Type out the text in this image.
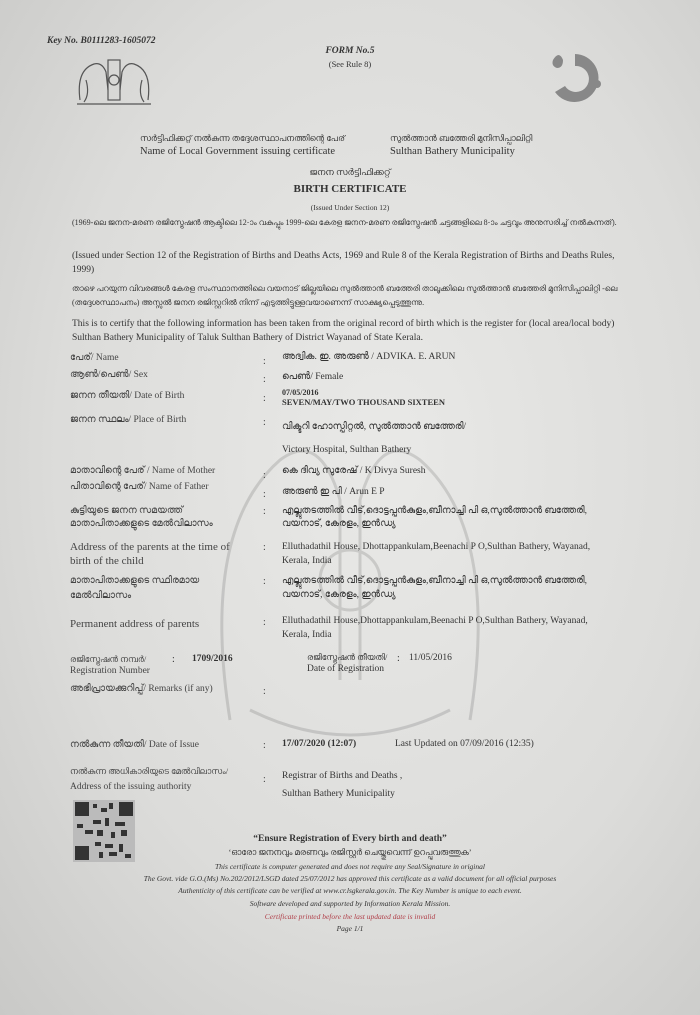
Key No. B0111283-1605072
FORM No.5
(See Rule 8)
സർട്ടിഫിക്കറ്റ് നൽകുന്ന തദ്ദേശസ്ഥാപനത്തിന്റെ പേര്
Name of Local Government issuing certificate
സുൽത്താൻ ബത്തേരി മുനിസിപ്പാലിറ്റി
Sulthan Bathery Municipality
ജനന സർട്ടിഫിക്കറ്റ്
BIRTH CERTIFICATE
(Issued Under Section 12)
(1969-ലെ ജനന-മരണ രജിസ്ട്രേഷൻ ആക്ടിലെ 12-ാം വകുപ്പും 1999-ലെ കേരള ജനന-മരണ രജിസ്ട്രേഷൻ ചട്ടങ്ങളിലെ 8-ാം ചട്ടവും അനുസരിച്ച് നൽകുന്നത്).
(Issued under Section 12 of the Registration of Births and Deaths Acts, 1969 and Rule 8 of the Kerala Registration of Births and Deaths Rules, 1999)
താഴെ പറയുന്ന വിവരങ്ങൾ കേരള സംസ്ഥാനത്തിലെ വയനാട് ജില്ലയിലെ സുൽത്താൻ ബത്തേരി താലൂക്കിലെ സുൽത്താൻ ബത്തേരി മുനിസിപ്പാലിറ്റി -ലെ (തദ്ദേശസ്ഥാപനം) അസ്സൽ ജനന രജിസ്റ്ററിൽ നിന്ന് എടുത്തിട്ടുള്ളവയാണെന്ന് സാക്ഷ്യപ്പെടുത്തുന്നു.
This is to certify that the following information has been taken from the original record of birth which is the register for (local area/local body) Sulthan Bathery Municipality of Taluk Sulthan Bathery of District Wayanad of State Kerala.
പേര്/ Name	: അദ്വിക. ഇ. അരുൺ / ADVIKA. E. ARUN
ആൺ/പെൺ/ Sex	: പെൺ/ Female
ജനന തീയതി/ Date of Birth	:
07/05/2016
SEVEN/MAY/TWO THOUSAND SIXTEEN
ജനന സ്ഥലം/ Place of Birth	: വിക്ടറി ഹോസ്പിറ്റൽ, സുൽത്താൻ ബത്തേരി/
Victory Hospital, Sulthan Bathery
മാതാവിന്റെ പേര് / Name of Mother	: കെ ദിവ്യ സുരേഷ് / K Divya Suresh
പിതാവിന്റെ പേര്/ Name of Father
: അരുൺ ഇ പി / Arun E P
കുട്ടിയുടെ ജനന സമയത്ത്
മാതാപിതാക്കളുടെ മേൽവിലാസം
: എല്ലുതടത്തിൽ വീട്,ദൊട്ടപ്പൻകുളം,ബീനാച്ചി പി ഒ,സുൽത്താൻ ബത്തേരി,
വയനാട്, കേരളം, ഇൻഡ്യ
Address of the parents at the time of
birth of the child
: Elluthadathil House, Dhottappankulam,Beenachi P O,Sulthan Bathery, Wayanad,
Kerala, India
മാതാപിതാക്കളുടെ സ്ഥിരമായ
മേൽവിലാസം
: എല്ലുതടത്തിൽ വീട്,ദൊട്ടപ്പൻകുളം,ബീനാച്ചി പി ഒ,സുൽത്താൻ ബത്തേരി,
വയനാട്, കേരളം, ഇൻഡ്യ
Permanent address of parents	: Elluthadathil House,Dhottappankulam,Beenachi P O,Sulthan Bathery, Wayanad,
Kerala, India
രജിസ്ട്രേഷൻ നമ്പർ/	: 1709/2016
Registration Number
രജിസ്ട്രേഷൻ തീയതി/ : 11/05/2016
Date of Registration
അഭിപ്രായക്കുറിപ്പ്/ Remarks (if any)	:
നൽകുന്ന തീയതി/ Date of Issue	: 17/07/2020 (12:07)	Last Updated on 07/09/2016 (12:35)
നൽകുന്ന അധികാരിയുടെ മേൽവിലാസം/
Address of the issuing authority
: Registrar of Births and Deaths ,
Sulthan Bathery Municipality
“Ensure Registration of Every birth and death”
‘ഓരോ ജനനവും മരണവും രജിസ്റ്റർ ചെയ്തുവെന്ന് ഉറപ്പുവരുത്തുക’
This certificate is computer generated and does not require any Seal/Signature in original
The Govt. vide G.O.(Ms) No.202/2012/LSGD dated 25/07/2012 has approved this certificate as a valid document for all official purposes
Authenticity of this certificate can be verified at www.cr.lsgkerala.gov.in. The Key Number is unique to each event.
Software developed and supported by Information Kerala Mission.
Certificate printed before the last updated date is invalid
Page 1/1
